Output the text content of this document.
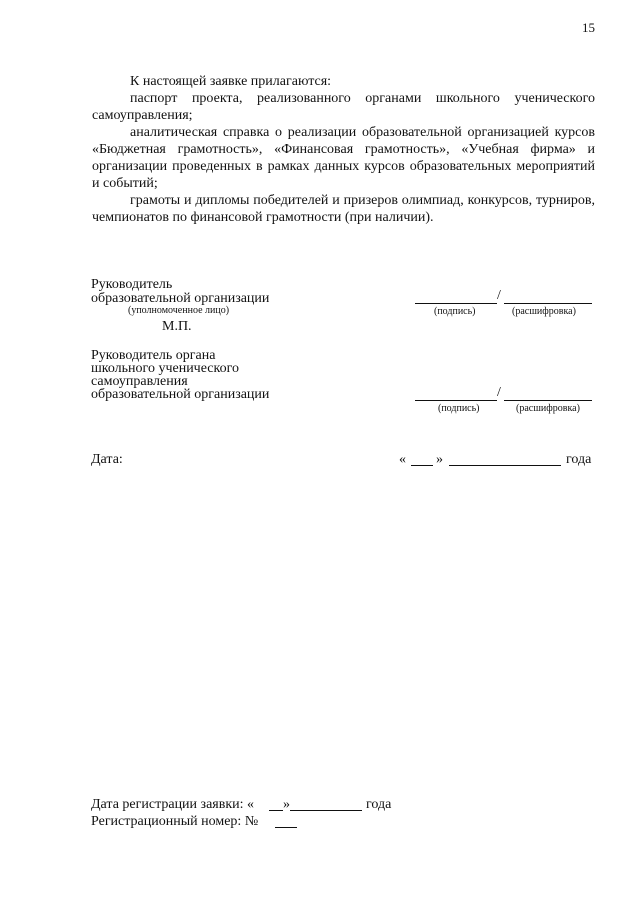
15
К настоящей заявке прилагаются:
паспорт проекта, реализованного органами школьного ученического самоуправления;
аналитическая справка о реализации образовательной организацией курсов «Бюджетная грамотность», «Финансовая грамотность», «Учебная фирма» и организации проведенных в рамках данных курсов образовательных мероприятий и событий;
грамоты и дипломы победителей и призеров олимпиад, конкурсов, турниров, чемпионатов по финансовой грамотности (при наличии).
Руководитель
образовательной организации
(уполномоченное лицо)
М.П.
/
(подпись)	(расшифровка)
Руководитель органа
школьного ученического
самоуправления
образовательной организации	/
(подпись)	(расшифровка)
Дата:	« »	года
Дата регистрации заявки: « »	года
Регистрационный номер: №
